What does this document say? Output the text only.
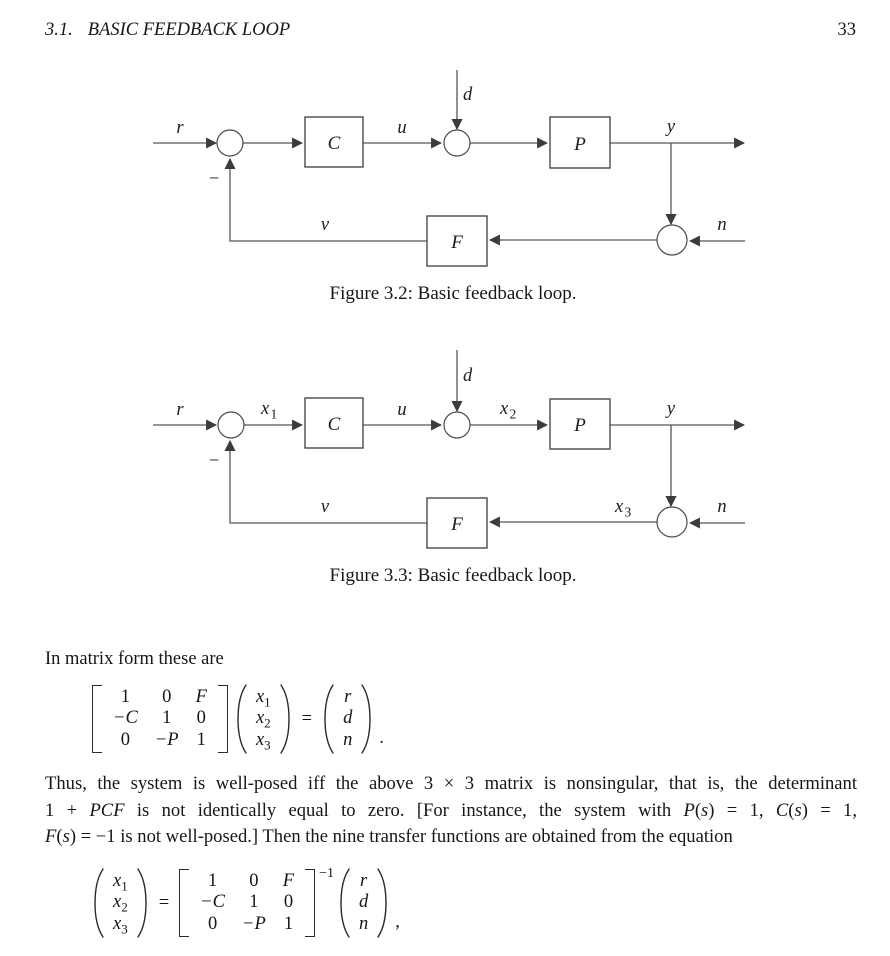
3.1. BASIC FEEDBACK LOOP	33
C	P
F
r	u
d
y
n
v
−
Figure 3.2: Basic feedback loop.
C	P
F
r	x 1	u
d
x 2	y
x 3	n
v
−
Figure 3.3: Basic feedback loop.
In matrix form these are
1	0	F
−C	1	0
0	−P 1
$x_1$
$x_2$
$x_3$
=
r
d
n .
Thus, the system is well-posed iff the above 3 × 3 matrix is nonsingular, that is, the determinant
1 + PCF is not identically equal to zero. [For instance, the system with P(s) = 1, C(s) = 1,
F(s) = −1 is not well-posed.] Then the nine transfer functions are obtained from the equation
$x_1$
$x_2$
$x_3$
=
1	0	F
−C	1	0
0	−P 1
−1 r
d
n ,
